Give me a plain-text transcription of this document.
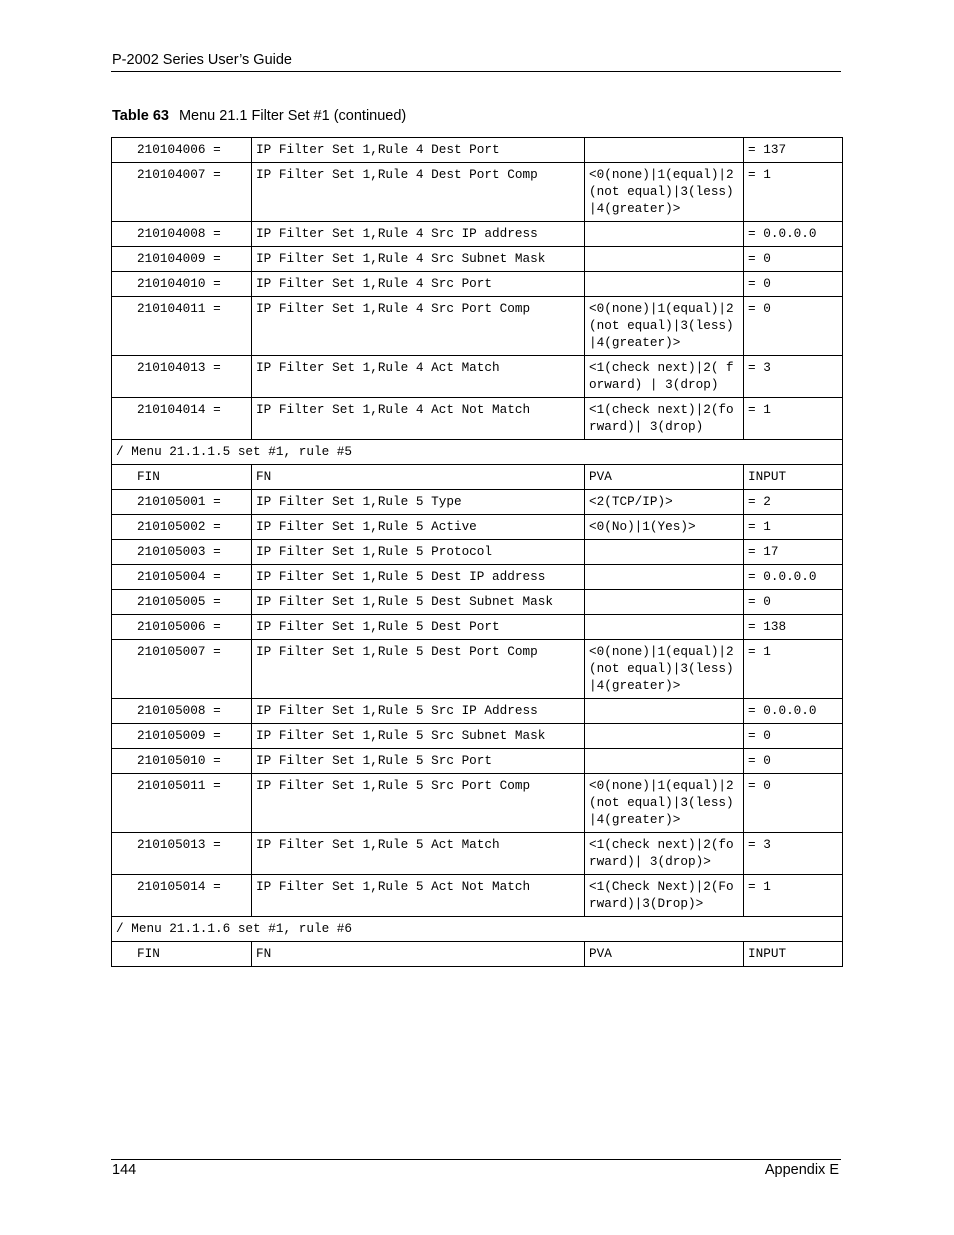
P-2002 Series User’s Guide
Table 63 Menu 21.1 Filter Set #1 (continued)
210104006 =	IP Filter Set 1,Rule 4 Dest Port		= 137
210104007 =	IP Filter Set 1,Rule 4 Dest Port Comp	<0(none)|1(equal)|2(not equal)|3(less)|4(greater)>	= 1
210104008 =	IP Filter Set 1,Rule 4 Src IP address		= 0.0.0.0
210104009 =	IP Filter Set 1,Rule 4 Src Subnet Mask		= 0
210104010 =	IP Filter Set 1,Rule 4 Src Port		= 0
210104011 =	IP Filter Set 1,Rule 4 Src Port Comp	<0(none)|1(equal)|2(not equal)|3(less)|4(greater)>	= 0
210104013 =	IP Filter Set 1,Rule 4 Act Match	<1(check next)|2( forward) | 3(drop)	= 3
210104014 =	IP Filter Set 1,Rule 4 Act Not Match	<1(check next)|2(forward)| 3(drop)	= 1
/ Menu 21.1.1.5 set #1, rule #5			
FIN	FN	PVA	INPUT
210105001 =	IP Filter Set 1,Rule 5 Type	<2(TCP/IP)>	= 2
210105002 =	IP Filter Set 1,Rule 5 Active	<0(No)|1(Yes)>	= 1
210105003 =	IP Filter Set 1,Rule 5 Protocol		= 17
210105004 =	IP Filter Set 1,Rule 5 Dest IP address		= 0.0.0.0
210105005 =	IP Filter Set 1,Rule 5 Dest Subnet Mask		= 0
210105006 =	IP Filter Set 1,Rule 5 Dest Port		= 138
210105007 =	IP Filter Set 1,Rule 5 Dest Port Comp	<0(none)|1(equal)|2(not equal)|3(less)|4(greater)>	= 1
210105008 =	IP Filter Set 1,Rule 5 Src IP Address		= 0.0.0.0
210105009 =	IP Filter Set 1,Rule 5 Src Subnet Mask		= 0
210105010 =	IP Filter Set 1,Rule 5 Src Port		= 0
210105011 =	IP Filter Set 1,Rule 5 Src Port Comp	<0(none)|1(equal)|2(not equal)|3(less)|4(greater)>	= 0
210105013 =	IP Filter Set 1,Rule 5 Act Match	<1(check next)|2(forward)| 3(drop)>	= 3
210105014 =	IP Filter Set 1,Rule 5 Act Not Match	<1(Check Next)|2(Forward)|3(Drop)>	= 1
/ Menu 21.1.1.6 set #1, rule #6			
FIN	FN	PVA	INPUT
144	Appendix E
